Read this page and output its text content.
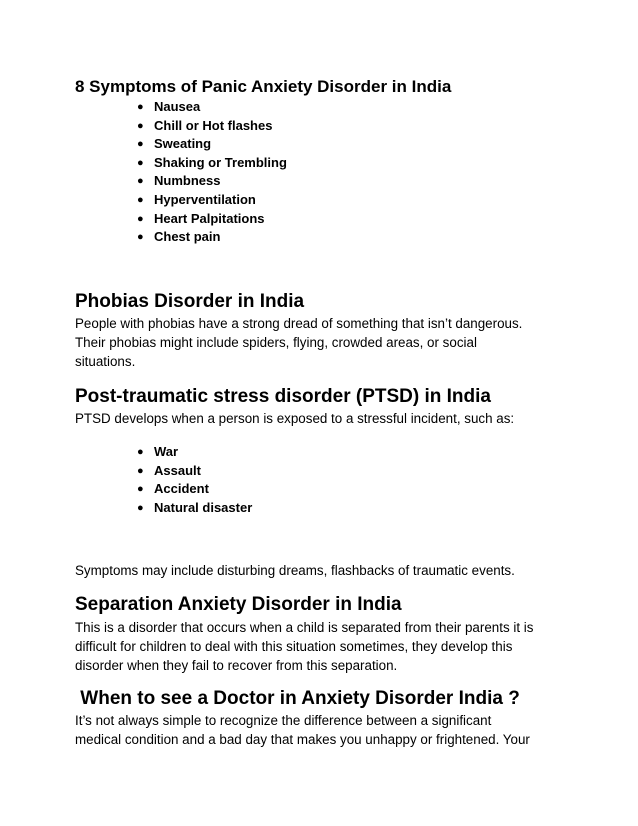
8 Symptoms of Panic Anxiety Disorder in India
● Nausea
● Chill or Hot flashes
● Sweating
● Shaking or Trembling
● Numbness
● Hyperventilation
● Heart Palpitations
● Chest pain
Phobias Disorder in India

People with phobias have a strong dread of something that isn’t dangerous.
Their phobias might include spiders, flying, crowded areas, or social
situations.

Post-traumatic stress disorder (PTSD) in India

PTSD develops when a person is exposed to a stressful incident, such as:

● War
● Assault
● Accident
● Natural disaster

Symptoms may include disturbing dreams, flashbacks of traumatic events.

Separation Anxiety Disorder in India

This is a disorder that occurs when a child is separated from their parents it is
difficult for children to deal with this situation sometimes, they develop this
disorder when they fail to recover from this separation.

When to see a Doctor in Anxiety Disorder India ?

It’s not always simple to recognize the difference between a significant
medical condition and a bad day that makes you unhappy or frightened. Your
